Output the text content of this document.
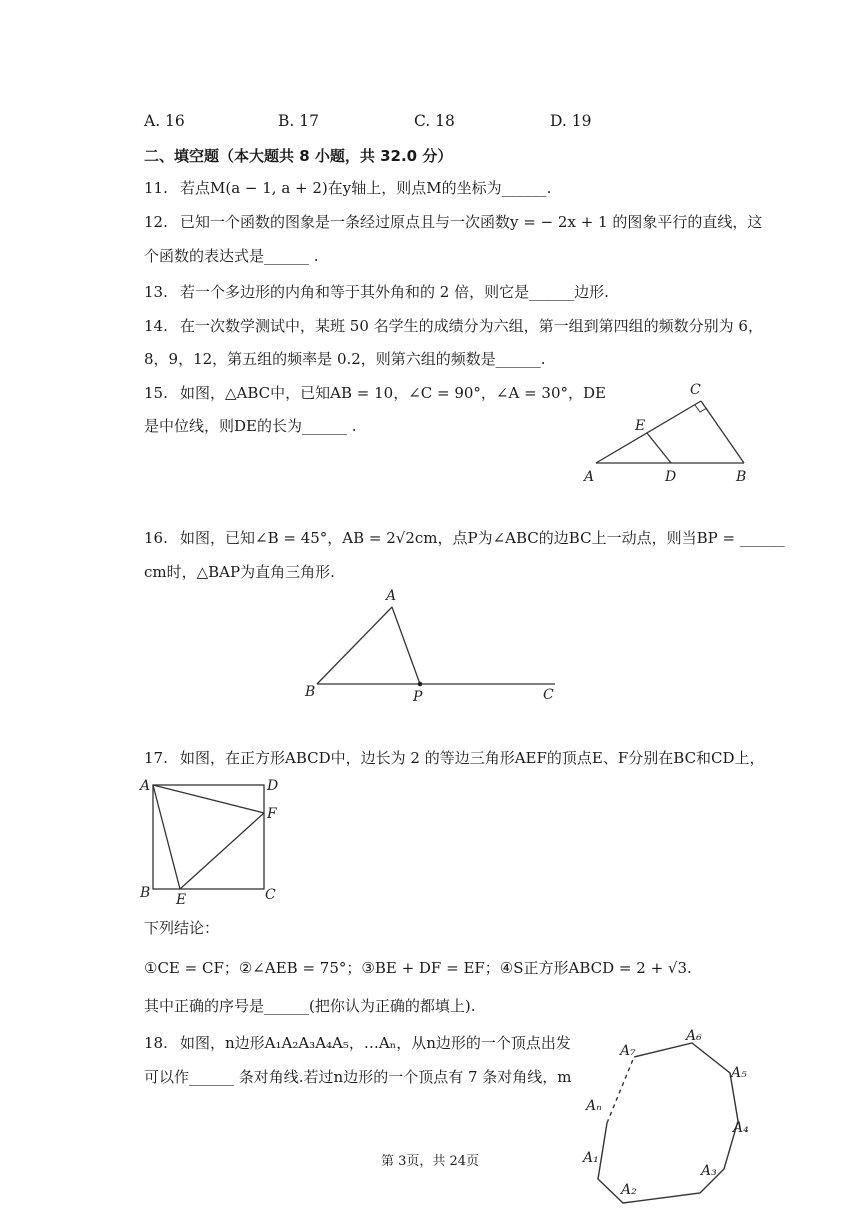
A. 16	B. 17	C. 18	D. 19
二、填空题（本大题共 8 小题，共 32.0 分）
11. 若点M(a − 1, a + 2)在y轴上，则点M的坐标为______.
12. 已知一个函数的图象是一条经过原点且与一次函数y = − 2x + 1 的图象平行的直线，这
个函数的表达式是______ .
13. 若一个多边形的内角和等于其外角和的 2 倍，则它是______边形.
14. 在一次数学测试中，某班 50 名学生的成绩分为六组，第一组到第四组的频数分别为 6，
8，9，12，第五组的频率是 0.2，则第六组的频数是______.
15. 如图，△ABC中，已知AB = 10，∠C = 90°，∠A = 30°，DE
是中位线，则DE的长为______ .
A	B
C
D
E
16. 如图，已知∠B = 45°，AB = 2√2cm，点P为∠ABC的边BC上一动点，则当BP = ______
cm时，△BAP为直角三角形.
A
B	P	C
17. 如图，在正方形ABCD中，边长为 2 的等边三角形AEF的顶点E、F分别在BC和CD上，
A	D
F
B E	C
下列结论：
①CE = CF；②∠AEB = 75°；③BE + DF = EF；④S正方形ABCD = 2 + √3.
其中正确的序号是______(把你认为正确的都填上).
18. 如图，n边形A₁A₂A₃A₄A₅，…Aₙ，从n边形的一个顶点出发
可以作______ 条对角线.若过n边形的一个顶点有 7 条对角线，m
A₇
A₆
A₅
A₄
A₃
A₂
A₁
Aₙ
第 3页，共 24页
